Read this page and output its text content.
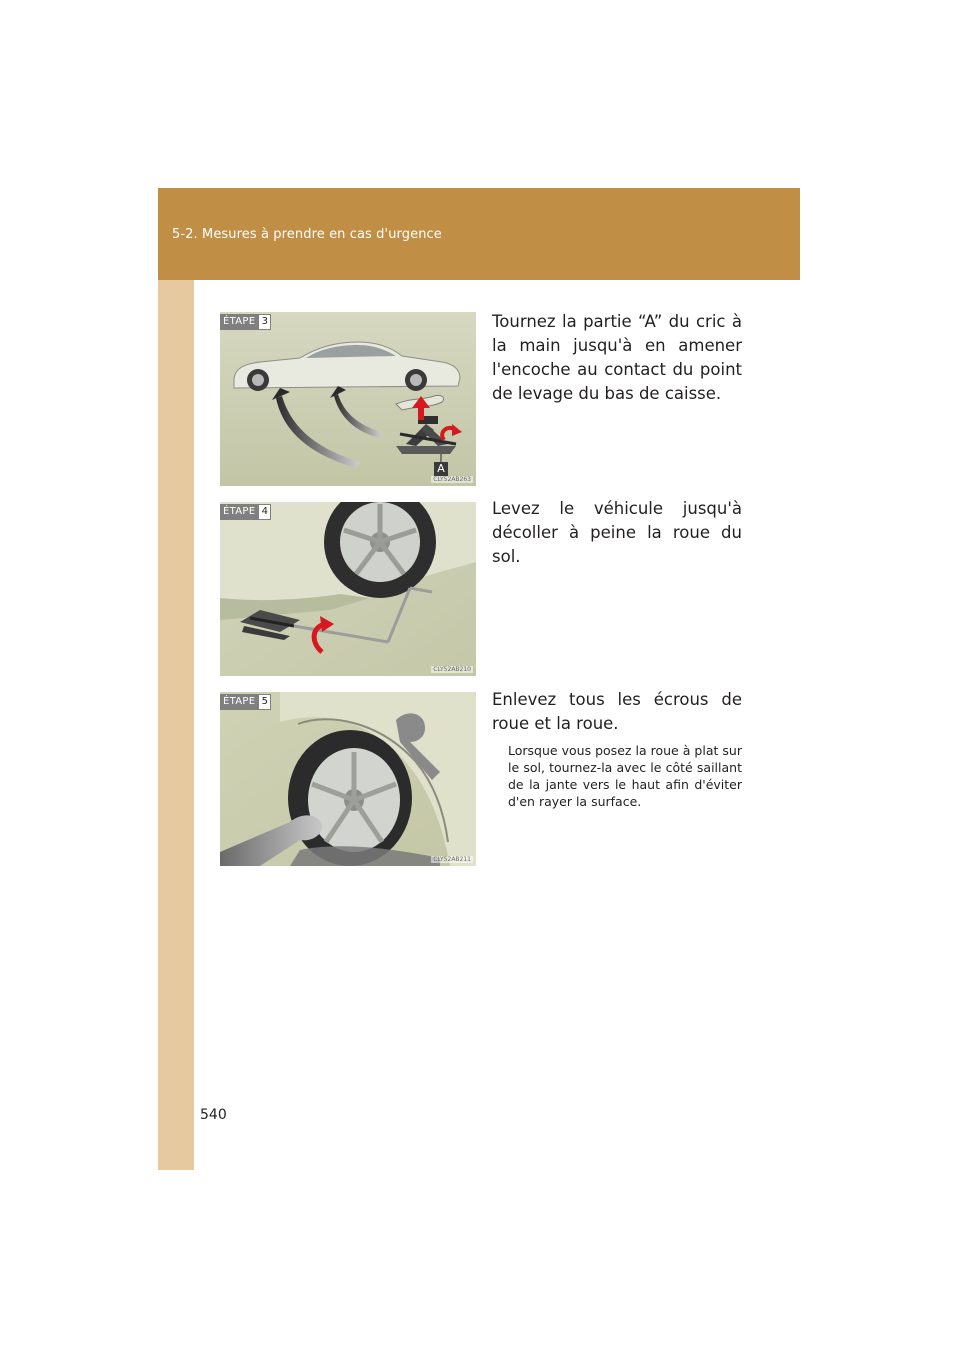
5-2. Mesures à prendre en cas d'urgence
ÉTAPE 3
A
CLY52AB263
Tournez la partie “A” du cric à la main jusqu'à en amener l'encoche au contact du point de levage du bas de caisse.
ÉTAPE 4
CLY52AB210
Levez le véhicule jusqu'à décoller à peine la roue du sol.
ÉTAPE 5
CLY52AB211
Enlevez tous les écrous de roue et la roue.
Lorsque vous posez la roue à plat sur le sol, tournez-la avec le côté saillant de la jante vers le haut afin d'éviter d'en rayer la surface.
540
